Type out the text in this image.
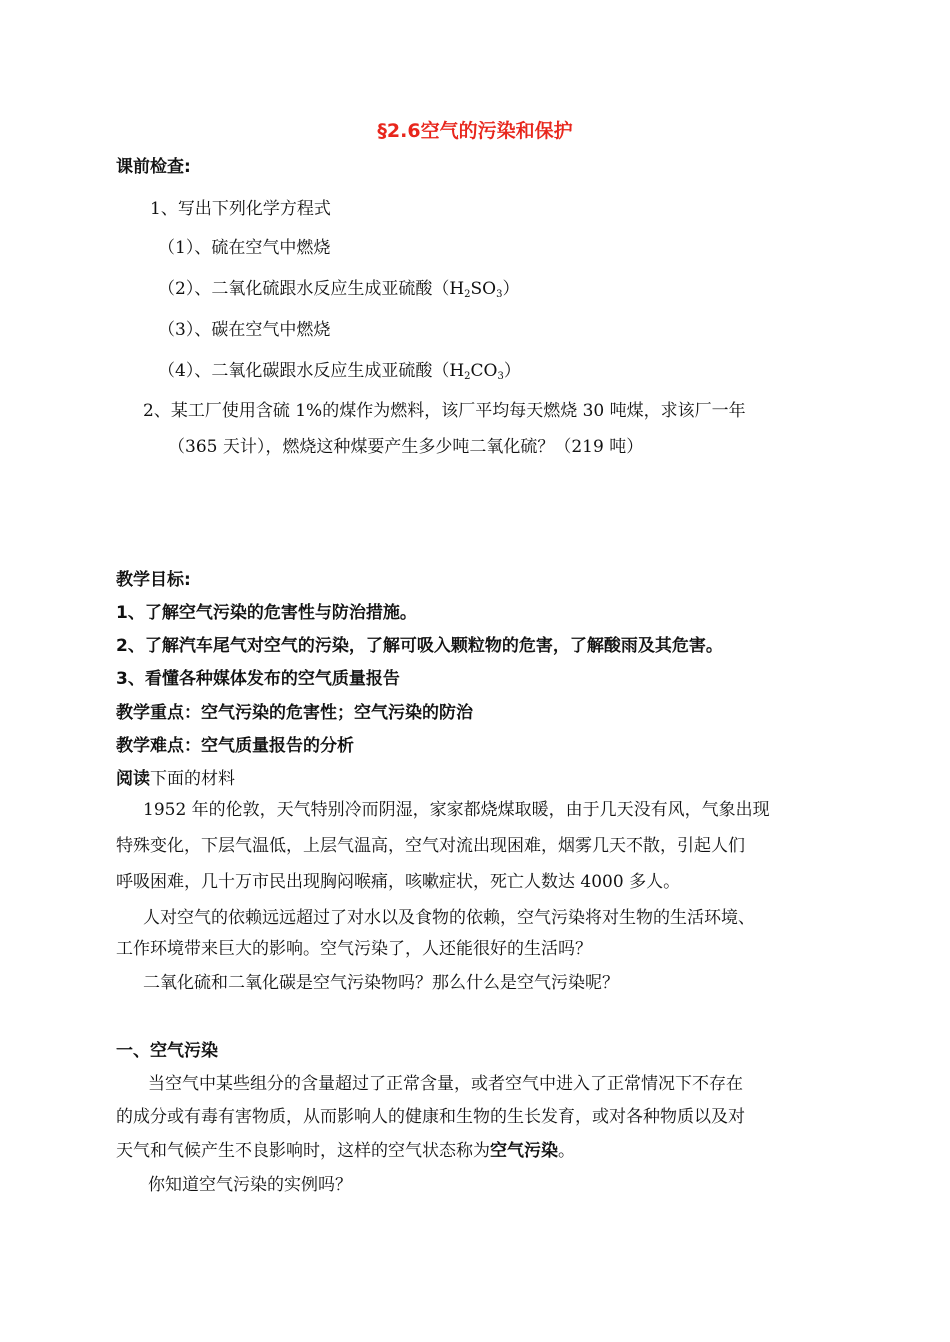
§2.6空气的污染和保护
课前检查:
1、写出下列化学方程式
（1）、硫在空气中燃烧
（2）、二氧化硫跟水反应生成亚硫酸$(H_2SO_3)$
（3）、碳在空气中燃烧
（4）、二氧化碳跟水反应生成亚硫酸$(H_2CO_3)$
2、某工厂使用含硫 1%的煤作为燃料，该厂平均每天燃烧 30 吨煤，求该厂一年
（365 天计），燃烧这种煤要产生多少吨二氧化硫？（219 吨）
教学目标:
1、了解空气污染的危害性与防治措施。
2、了解汽车尾气对空气的污染，了解可吸入颗粒物的危害，了解酸雨及其危害。
3、看懂各种媒体发布的空气质量报告
教学重点：空气污染的危害性；空气污染的防治
教学难点：空气质量报告的分析
阅读下面的材料
1952 年的伦敦，天气特别冷而阴湿，家家都烧煤取暖，由于几天没有风，气象出现
特殊变化，下层气温低，上层气温高，空气对流出现困难，烟雾几天不散，引起人们
呼吸困难，几十万市民出现胸闷喉痛，咳嗽症状，死亡人数达 4000 多人。
人对空气的依赖远远超过了对水以及食物的依赖，空气污染将对生物的生活环境、
工作环境带来巨大的影响。空气污染了，人还能很好的生活吗？
二氧化硫和二氧化碳是空气污染物吗？那么什么是空气污染呢？
一、空气污染
当空气中某些组分的含量超过了正常含量，或者空气中进入了正常情况下不存在
的成分或有毒有害物质，从而影响人的健康和生物的生长发育，或对各种物质以及对
天气和气候产生不良影响时，这样的空气状态称为空气污染。
你知道空气污染的实例吗？
